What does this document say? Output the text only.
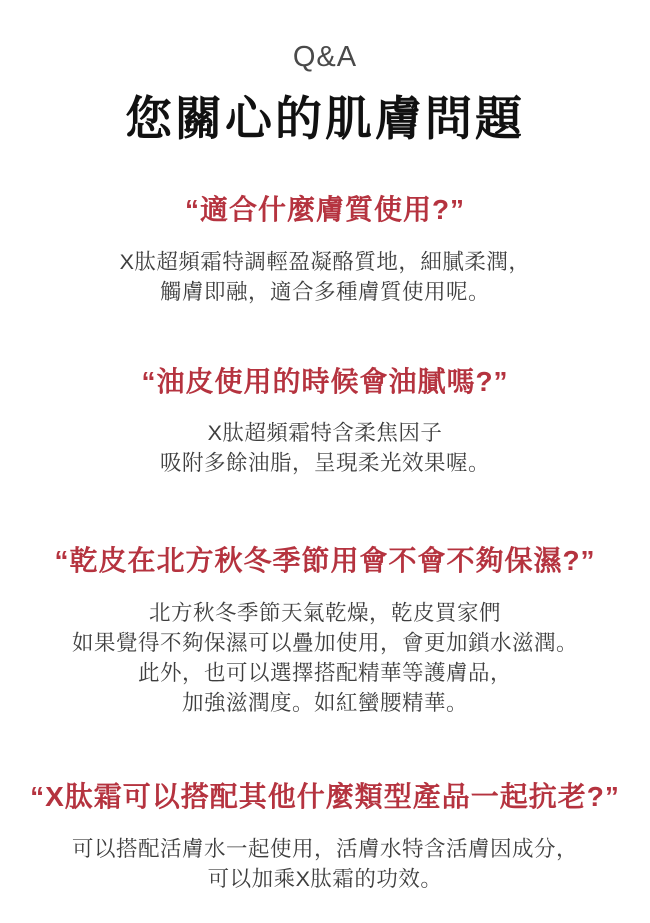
Q&A
您關心的肌膚問題
“適合什麼膚質使用?”

X肽超頻霜特調輕盈凝酪質地，細膩柔潤，
觸膚即融，適合多種膚質使用呢。

“油皮使用的時候會油膩嗎?”

X肽超頻霜特含柔焦因子
吸附多餘油脂，呈現柔光效果喔。

“乾皮在北方秋冬季節用會不會不夠保濕?”

北方秋冬季節天氣乾燥，乾皮買家們
如果覺得不夠保濕可以疊加使用，會更加鎖水滋潤。
此外，也可以選擇搭配精華等護膚品，
加強滋潤度。如紅蠻腰精華。

“X肽霜可以搭配其他什麼類型產品一起抗老?”

可以搭配活膚水一起使用，活膚水特含活膚因成分，
可以加乘X肽霜的功效。
